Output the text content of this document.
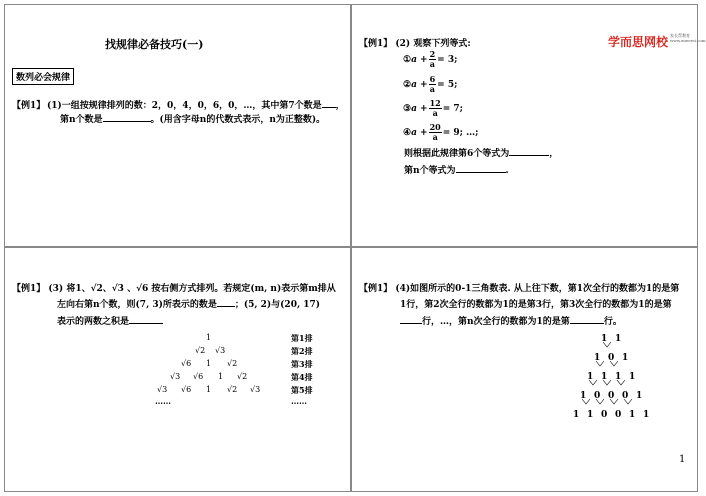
找规律必备技巧(一)
数列必会规律
【例1】 (1)一组按规律排列的数：2，0，4，0，6，0，…，其中第7个数是 ，
第n个数是	。(用含字母n的代数式表示，n为正整数)。
【例1】 (2) 观察下列等式:	学而思网校 家长帮教育
www.xueersi.com
①a + $\frac{2}{a} = 3$;
②a + $\frac{6}{a} = 5$;
③a + $\frac{12}{a} = 7$;
④a + $\frac{20}{a} = 9$; …;
则根据此规律第6个等式为	，
第n个等式为	.
【例1】 (3) 将1、√2、√3 、√6 按右侧方式排列。若规定(m, n)表示第m排从
左向右第n个数，则(7, 3)所表示的数是 ；(5, 2)与(20, 17)
表示的两数之积是
1
√2 √3
√6 1 √2
√3 √6 1 √2
√3 √6 1 √2 √3
……
第1排
第2排
第3排
第4排
第5排
……
【例1】 (4)如图所示的0-1三角数表. 从上往下数，第1次全行的数都为1的是第
1行，第2次全行的数都为1的是第3行，第3次全行的数都为1的是第
行，…，第n次全行的数都为1的是第	行。
1 1
1 0 1
1 1 1 1
1 0 0 0 1
1 1 0 0 1 1
1
